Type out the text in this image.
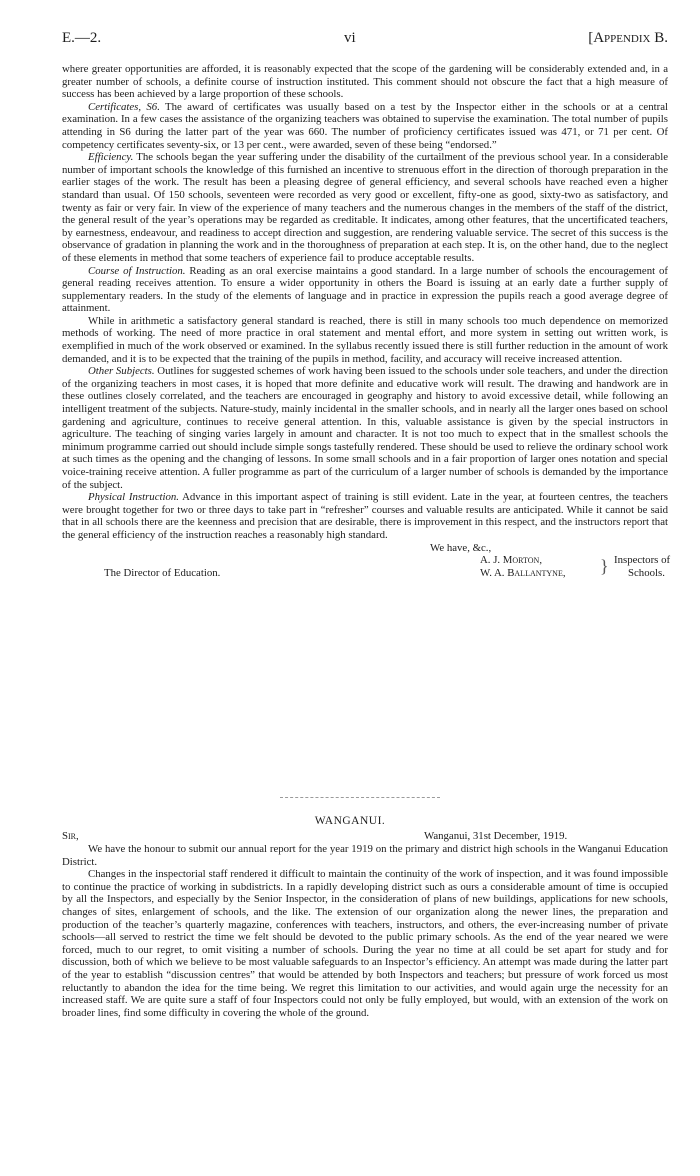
E.—2.	vi	[Appendix B.

where greater opportunities are afforded, it is reasonably expected that the scope of the gardening will be considerably extended and, in a greater number of schools, a definite course of instruction instituted. This comment should not obscure the fact that a high measure of success has been achieved by a large proportion of these schools.

Certificates, S6. The award of certificates was usually based on a test by the Inspector either in the schools or at a central examination. In a few cases the assistance of the organizing teachers was obtained to supervise the examination. The total number of pupils attending in S6 during the latter part of the year was 660. The number of proficiency certificates issued was 471, or 71 per cent. Of competency certificates seventy-six, or 13 per cent., were awarded, seven of these being “endorsed.”

Efficiency. The schools began the year suffering under the disability of the curtailment of the previous school year. In a considerable number of important schools the knowledge of this furnished an incentive to strenuous effort in the direction of thorough preparation in the earlier stages of the work. The result has been a pleasing degree of general efficiency, and several schools have reached even a higher standard than usual. Of 150 schools, seventeen were recorded as very good or excellent, fifty-one as good, sixty-two as satisfactory, and twenty as fair or very fair. In view of the experience of many teachers and the numerous changes in the members of the staff of the district, the general result of the year’s operations may be regarded as creditable. It indicates, among other features, that the uncertificated teachers, by earnestness, endeavour, and readiness to accept direction and suggestion, are rendering valuable service. The secret of this success is the observance of gradation in planning the work and in the thoroughness of preparation at each step. It is, on the other hand, due to the neglect of these elements in method that some teachers of experience fail to produce acceptable results.

Course of Instruction. Reading as an oral exercise maintains a good standard. In a large number of schools the encouragement of general reading receives attention. To ensure a wider opportunity in others the Board is issuing at an early date a further supply of supplementary readers. In the study of the elements of language and in practice in expression the pupils reach a good average degree of attainment.

While in arithmetic a satisfactory general standard is reached, there is still in many schools too much dependence on memorized methods of working. The need of more practice in oral statement and mental effort, and more system in setting out written work, is exemplified in much of the work observed or examined. In the syllabus recently issued there is still further reduction in the amount of work demanded, and it is to be expected that the training of the pupils in method, facility, and accuracy will receive increased attention.

Other Subjects. Outlines for suggested schemes of work having been issued to the schools under sole teachers, and under the direction of the organizing teachers in most cases, it is hoped that more definite and educative work will result. The drawing and handwork are in these outlines closely correlated, and the teachers are encouraged in geography and history to avoid excessive detail, while following an intelligent treatment of the subjects. Nature-study, mainly incidental in the smaller schools, and in nearly all the larger ones based on school gardening and agriculture, continues to receive general attention. In this, valuable assistance is given by the special instructors in agriculture. The teaching of singing varies largely in amount and character. It is not too much to expect that in the smallest schools the minimum programme carried out should include simple songs tastefully rendered. These should be used to relieve the ordinary school work at such times as the opening and the changing of lessons. In some small schools and in a fair proportion of larger ones notation and special voice-training receive attention. A fuller programme as part of the curriculum of a larger number of schools is demanded by the importance of the subject.

Physical Instruction. Advance in this important aspect of training is still evident. Late in the year, at fourteen centres, the teachers were brought together for two or three days to take part in “refresher” courses and valuable results are anticipated. While it cannot be said that in all schools there are the keenness and precision that are desirable, there is improvement in this respect, and the instructors report that the general efficiency of the instruction reaches a reasonably high standard.

We have, &c.,
A. J. Morton,
W. A. Ballantyne, } Inspectors of
Schools.
The Director of Education.
WANGANUI.
Sir,	Wanganui, 31st December, 1919.

We have the honour to submit our annual report for the year 1919 on the primary and district high schools in the Wanganui Education District.

Changes in the inspectorial staff rendered it difficult to maintain the continuity of the work of inspection, and it was found impossible to continue the practice of working in subdistricts. In a rapidly developing district such as ours a considerable amount of time is occupied by all the Inspectors, and especially by the Senior Inspector, in the consideration of plans of new buildings, applications for new schools, changes of sites, enlargement of schools, and the like. The extension of our organization along the newer lines, the preparation and production of the teacher’s quarterly magazine, conferences with teachers, instructors, and others, the ever-increasing number of private schools—all served to restrict the time we felt should be devoted to the public primary schools. As the end of the year neared we were forced, much to our regret, to omit visiting a number of schools. During the year no time at all could be set apart for study and for discussion, both of which we believe to be most valuable safeguards to an Inspector’s efficiency. An attempt was made during the latter part of the year to establish “discussion centres” that would be attended by both Inspectors and teachers; but pressure of work forced us most reluctantly to abandon the idea for the time being. We regret this limitation to our activities, and would again urge the necessity for an increased staff. We are quite sure a staff of four Inspectors could not only be fully employed, but would, with an extension of the work on broader lines, find some difficulty in covering the whole of the ground.
